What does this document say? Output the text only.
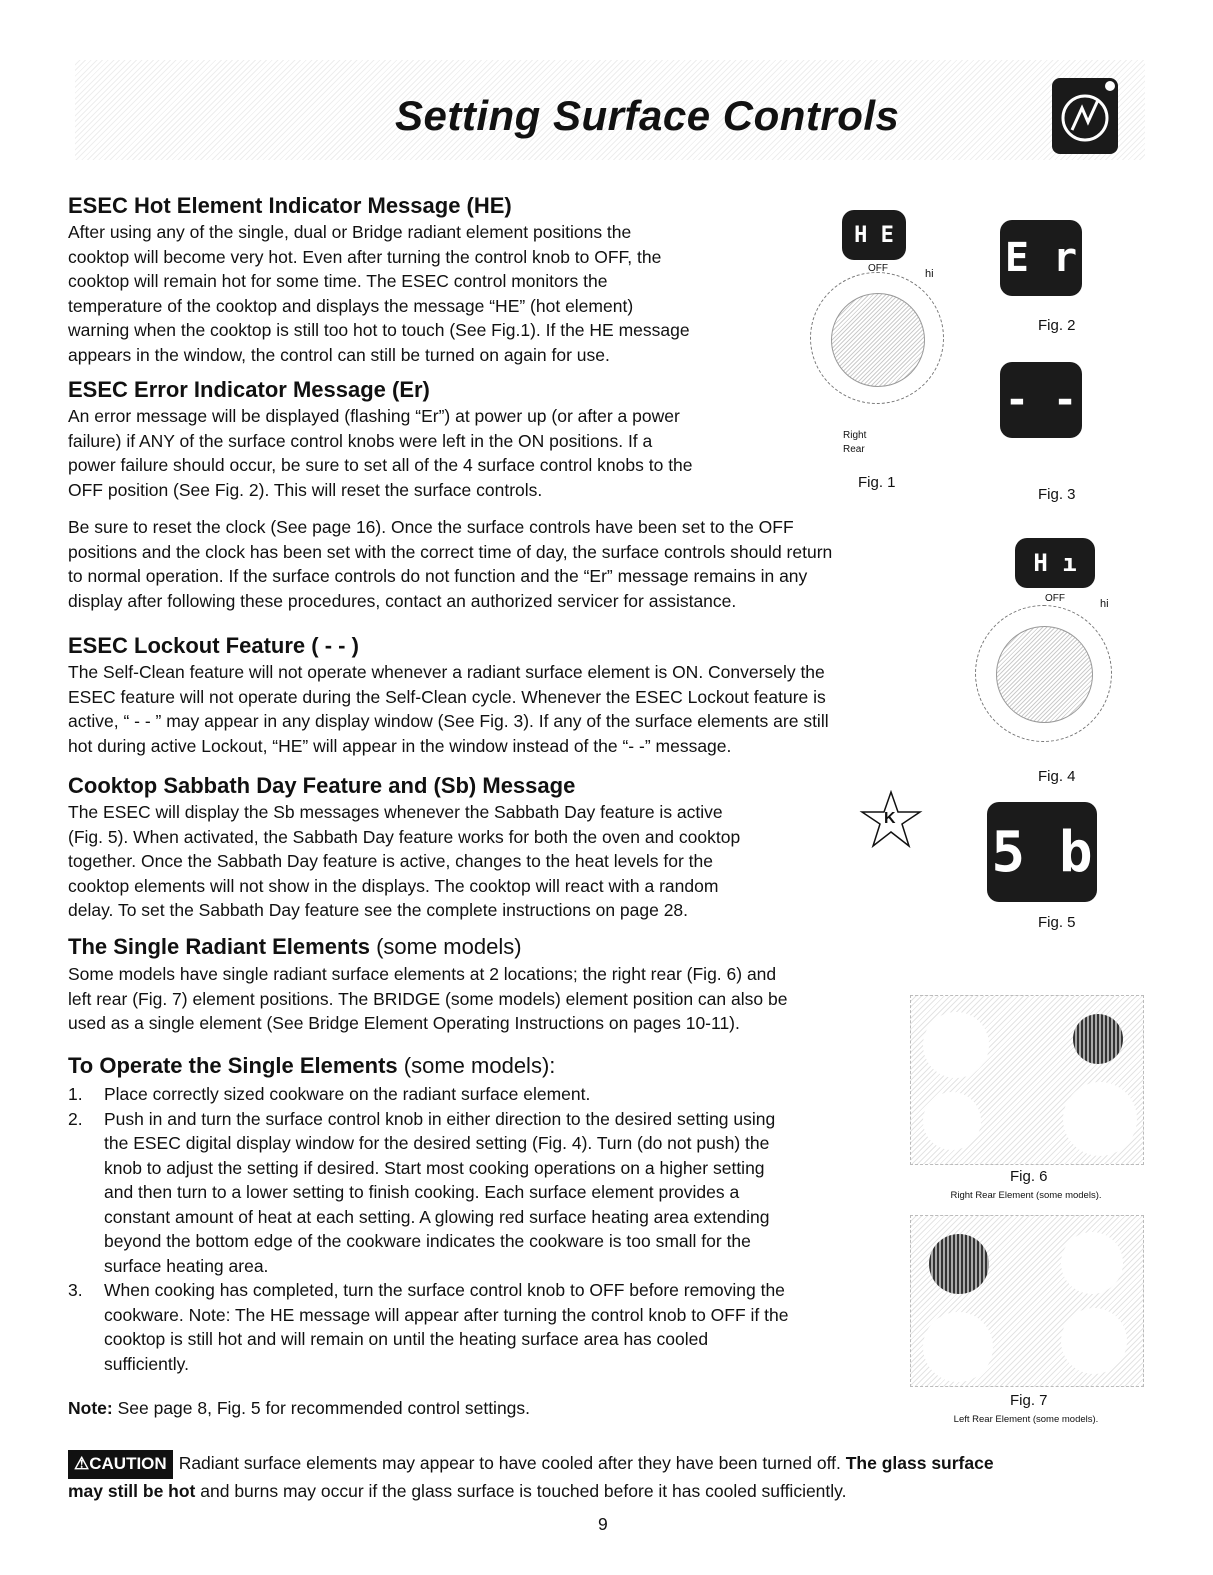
Setting Surface Controls
ESEC Hot Element Indicator Message (HE)
After using any of the single, dual or Bridge radiant element positions the
cooktop will become very hot. Even after turning the control knob to OFF, the
cooktop will remain hot for some time. The ESEC control monitors the
temperature of the cooktop and displays the message “HE” (hot element)
warning when the cooktop is still too hot to touch (See Fig.1). If the HE message
appears in the window, the control can still be turned on again for use.
ESEC Error Indicator Message (Er)
An error message will be displayed (flashing “Er”) at power up (or after a power
failure) if ANY of the surface control knobs were left in the ON positions. If a
power failure should occur, be sure to set all of the 4 surface control knobs to the
OFF position (See Fig. 2). This will reset the surface controls.
Be sure to reset the clock (See page 16). Once the surface controls have been set to the OFF
positions and the clock has been set with the correct time of day, the surface controls should return
to normal operation. If the surface controls do not function and the “Er” message remains in any
display after following these procedures, contact an authorized servicer for assistance.
ESEC Lockout Feature ( - - )
The Self-Clean feature will not operate whenever a radiant surface element is ON. Conversely the
ESEC feature will not operate during the Self-Clean cycle. Whenever the ESEC Lockout feature is
active, “ - - ” may appear in any display window (See Fig. 3). If any of the surface elements are still
hot during active Lockout, “HE” will appear in the window instead of the “- -” message.
Cooktop Sabbath Day Feature and (Sb) Message
The ESEC will display the Sb messages whenever the Sabbath Day feature is active
(Fig. 5). When activated, the Sabbath Day feature works for both the oven and cooktop
together. Once the Sabbath Day feature is active, changes to the heat levels for the
cooktop elements will not show in the displays. The cooktop will react with a random
delay. To set the Sabbath Day feature see the complete instructions on page 28.
The Single Radiant Elements (some models)
Some models have single radiant surface elements at 2 locations; the right rear (Fig. 6) and
left rear (Fig. 7) element positions. The BRIDGE (some models) element position can also be
used as a single element (See Bridge Element Operating Instructions on pages 10-11).
To Operate the Single Elements (some models):
1. Place correctly sized cookware on the radiant surface element.
2. Push in and turn the surface control knob in either direction to the desired setting using
the ESEC digital display window for the desired setting (Fig. 4). Turn (do not push) the
knob to adjust the setting if desired. Start most cooking operations on a higher setting
and then turn to a lower setting to finish cooking. Each surface element provides a
constant amount of heat at each setting. A glowing red surface heating area extending
beyond the bottom edge of the cookware indicates the cookware is too small for the
surface heating area.
3. When cooking has completed, turn the surface control knob to OFF before removing the
cookware. Note: The HE message will appear after turning the control knob to OFF if the
cooktop is still hot and will remain on until the heating surface area has cooled
sufficiently.
Note: See page 8, Fig. 5 for recommended control settings.
⚠CAUTION Radiant surface elements may appear to have cooled after they have been turned off. The glass surface
may still be hot and burns may occur if the glass surface is touched before it has cooled sufficiently.
9
H E
OFF	hi
Right
Rear
Fig. 1
E r
Fig. 2
- -
Fig. 3
H ı
OFF	hi
Fig. 4
5 b
Fig. 5
K
Fig. 6
Right Rear Element (some models).
Fig. 7
Left Rear Element (some models).
